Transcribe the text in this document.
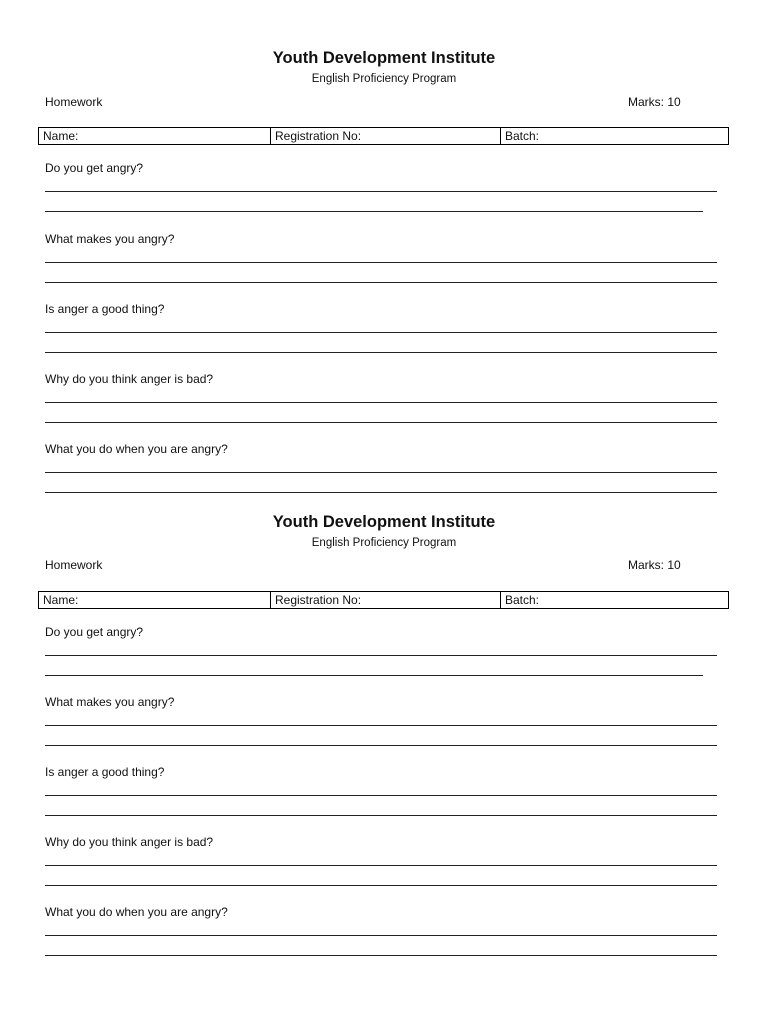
Youth Development Institute
English Proficiency Program
Homework	Marks: 10
Name:	Registration No:	Batch:
Do you get angry?
What makes you angry?
Is anger a good thing?
Why do you think anger is bad?
What you do when you are angry?
Youth Development Institute
English Proficiency Program
Homework	Marks: 10
Name:	Registration No:	Batch:
Do you get angry?
What makes you angry?
Is anger a good thing?
Why do you think anger is bad?
What you do when you are angry?
